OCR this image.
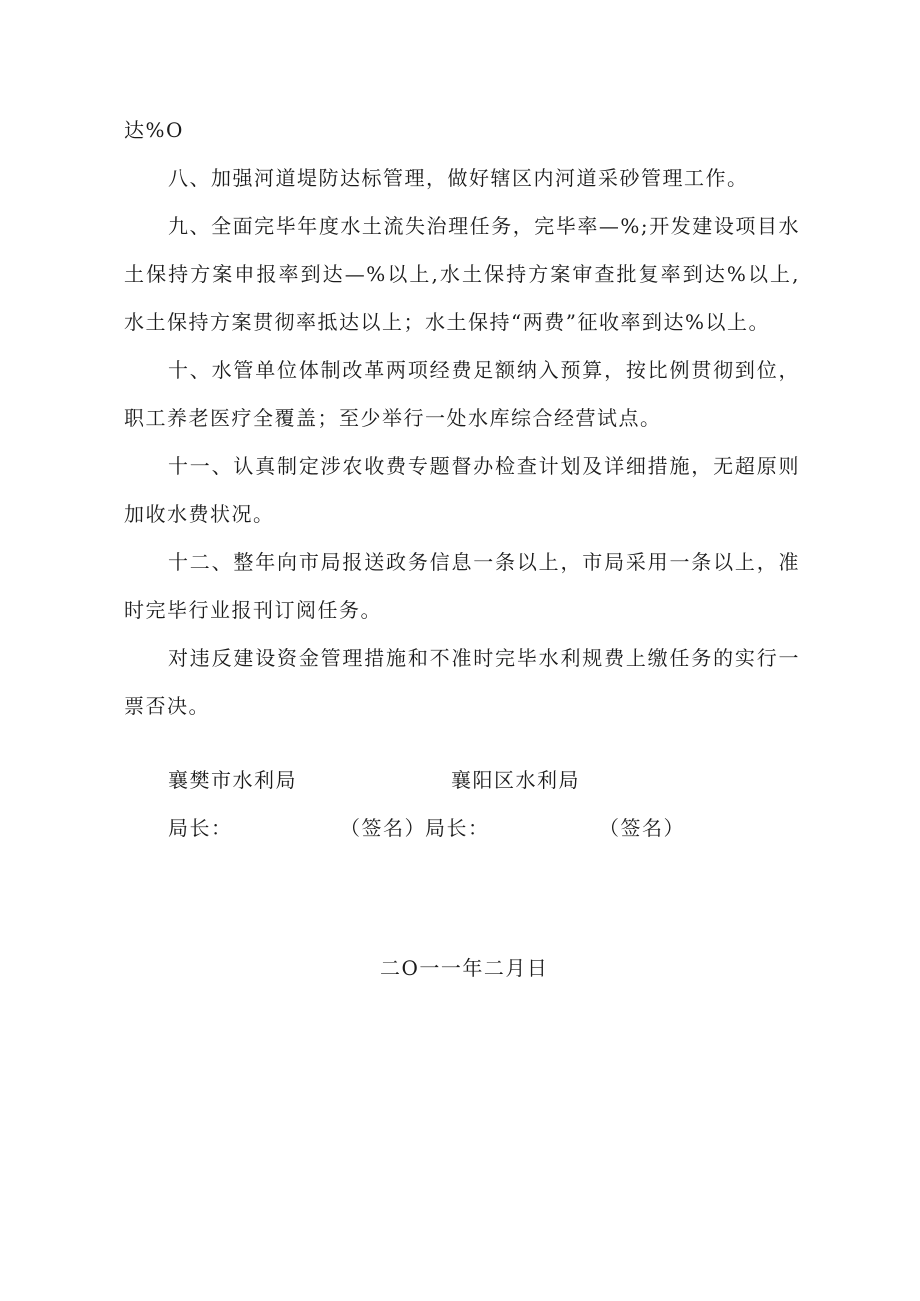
达%O

八、加强河道堤防达标管理，做好辖区内河道采砂管理工作。

九、全面完毕年度水土流失治理任务，完毕率—%;开发建设项目水土保持方案申报率到达—%以上,水土保持方案审查批复率到达%以上,水土保持方案贯彻率抵达以上；水土保持“两费”征收率到达%以上。

十、水管单位体制改革两项经费足额纳入预算，按比例贯彻到位，职工养老医疗全覆盖；至少举行一处水库综合经营试点。

十一、认真制定涉农收费专题督办检查计划及详细措施，无超原则加收水费状况。

十二、整年向市局报送政务信息一条以上，市局采用一条以上，准时完毕行业报刊订阅任务。

对违反建设资金管理措施和不准时完毕水利规费上缴任务的实行一票否决。

襄樊市水利局	襄阳区水利局
局长：	（签名） 局长：	（签名）
二O一一年二月日
